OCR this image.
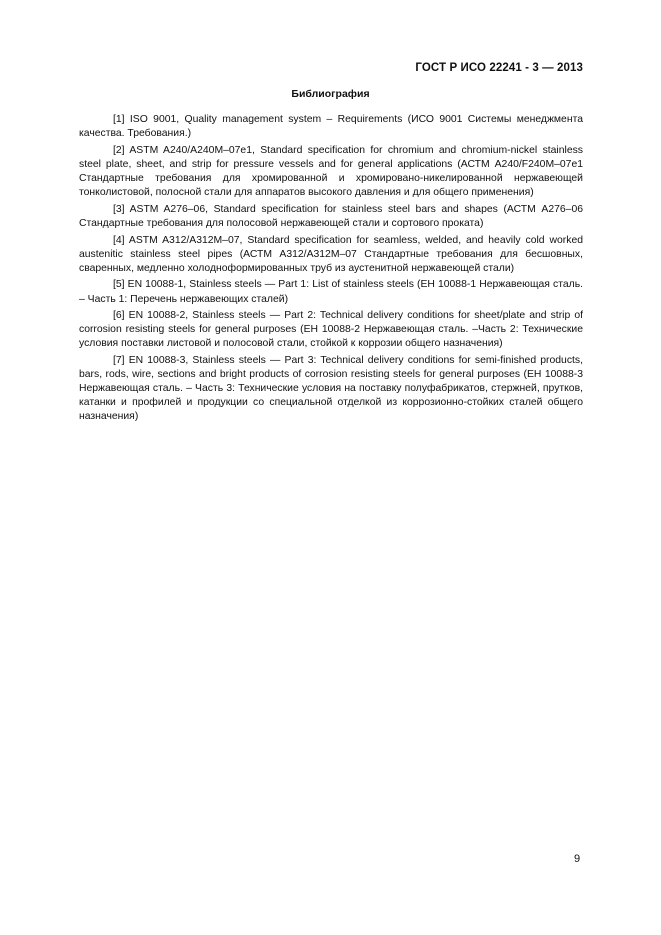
ГОСТ Р ИСО 22241 - 3 — 2013
Библиография

[1] ISO 9001, Quality management system – Requirements (ИСО 9001 Системы менеджмента качества. Требования.)

[2] ASTM A240/A240M–07e1, Standard specification for chromium and chromium-nickel stainless steel plate, sheet, and strip for pressure vessels and for general applications (АСТМ A240/F240M–07e1 Стандартные требования для хромированной и хромировано-никелированной нержавеющей тонколистовой, полосной стали для аппаратов высокого давления и для общего применения)

[3] ASTM A276–06, Standard specification for stainless steel bars and shapes (АСТМ A276–06 Стандартные требования для полосовой нержавеющей стали и сортового проката)

[4] ASTM A312/A312M–07, Standard specification for seamless, welded, and heavily cold worked austenitic stainless steel pipes (АСТМ A312/A312M–07 Стандартные требования для бесшовных, сваренных, медленно холодноформированных труб из аустенитной нержавеющей стали)

[5] EN 10088-1, Stainless steels — Part 1: List of stainless steels (ЕН 10088-1 Нержавеющая сталь. – Часть 1: Перечень нержавеющих сталей)

[6] EN 10088-2, Stainless steels — Part 2: Technical delivery conditions for sheet/plate and strip of corrosion resisting steels for general purposes (ЕН 10088-2 Нержавеющая сталь. –Часть 2: Технические условия поставки листовой и полосовой стали, стойкой к коррозии общего назначения)

[7] EN 10088-3, Stainless steels — Part 3: Technical delivery conditions for semi-finished products, bars, rods, wire, sections and bright products of corrosion resisting steels for general purposes (ЕН 10088-3 Нержавеющая сталь. – Часть 3: Технические условия на поставку полуфабрикатов, стержней, прутков, катанки и профилей и продукции со специальной отделкой из коррозионно-стойких сталей общего назначения)

9
